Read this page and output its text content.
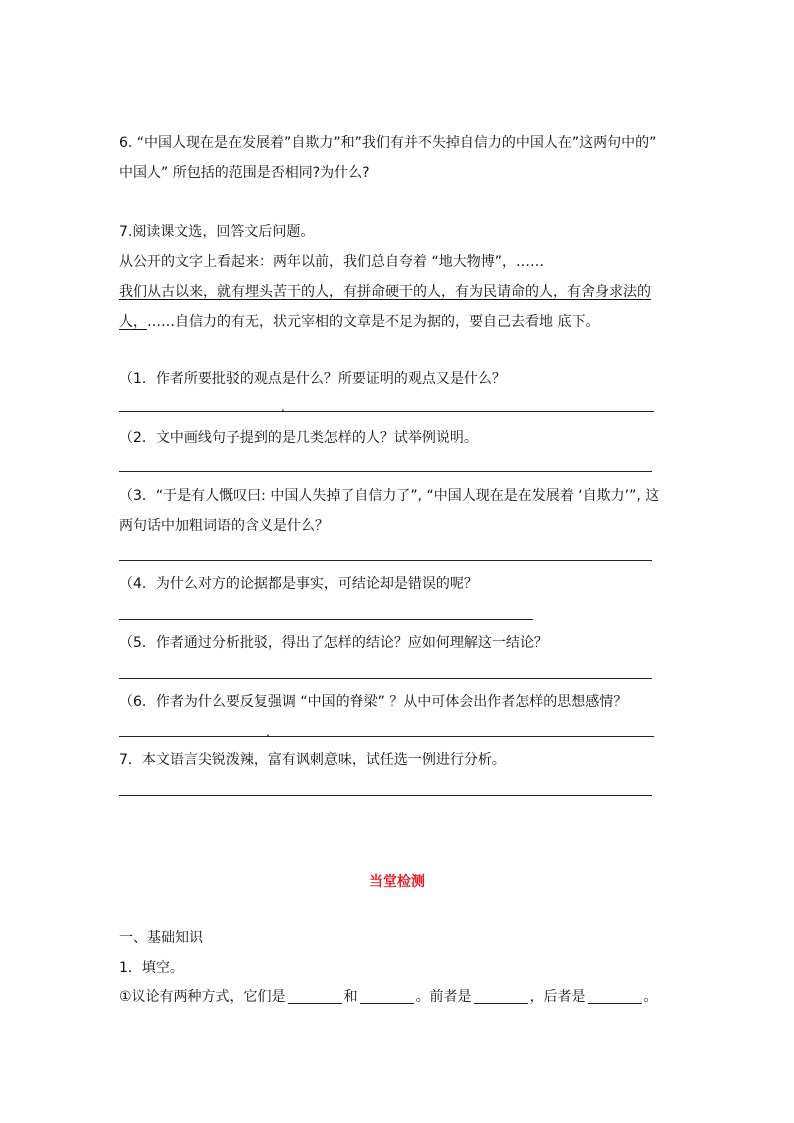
6. “中国人现在是在发展着”自欺力”和”我们有并不失掉自信力的中国人在”这两句中的”
中国人” 所包括的范围是否相同?为什么?
7.阅读课文选，回答文后问题。
从公开的文字上看起来：两年以前，我们总自夸着 “地大物博”，……
我们从古以来，就有埋头苦干的人，有拼命硬干的人，有为民请命的人，有舍身求法的
人，……自信力的有无，状元宰相的文章是不足为据的，要自己去看地 底下。
（1．作者所要批驳的观点是什么？所要证明的观点又是什么？
.
（2．文中画线句子提到的是几类怎样的人？试举例说明。
（3．“于是有人慨叹曰: 中国人失掉了自信力了”, “中国人现在是在发展着 ‘自欺力’”, 这
两句话中加粗词语的含义是什么？
（4．为什么对方的论据都是事实，可结论却是错误的呢？
（5．作者通过分析批驳，得出了怎样的结论？应如何理解这一结论？
（6．作者为什么要反复强调 “中国的脊梁” ？从中可体会出作者怎样的思想感情？
.
7．本文语言尖锐泼辣，富有讽刺意味，试任选一例进行分析。
当堂检测
一、基础知识
1．填空。
①议论有两种方式，它们是	和	。前者是	，后者是	。
